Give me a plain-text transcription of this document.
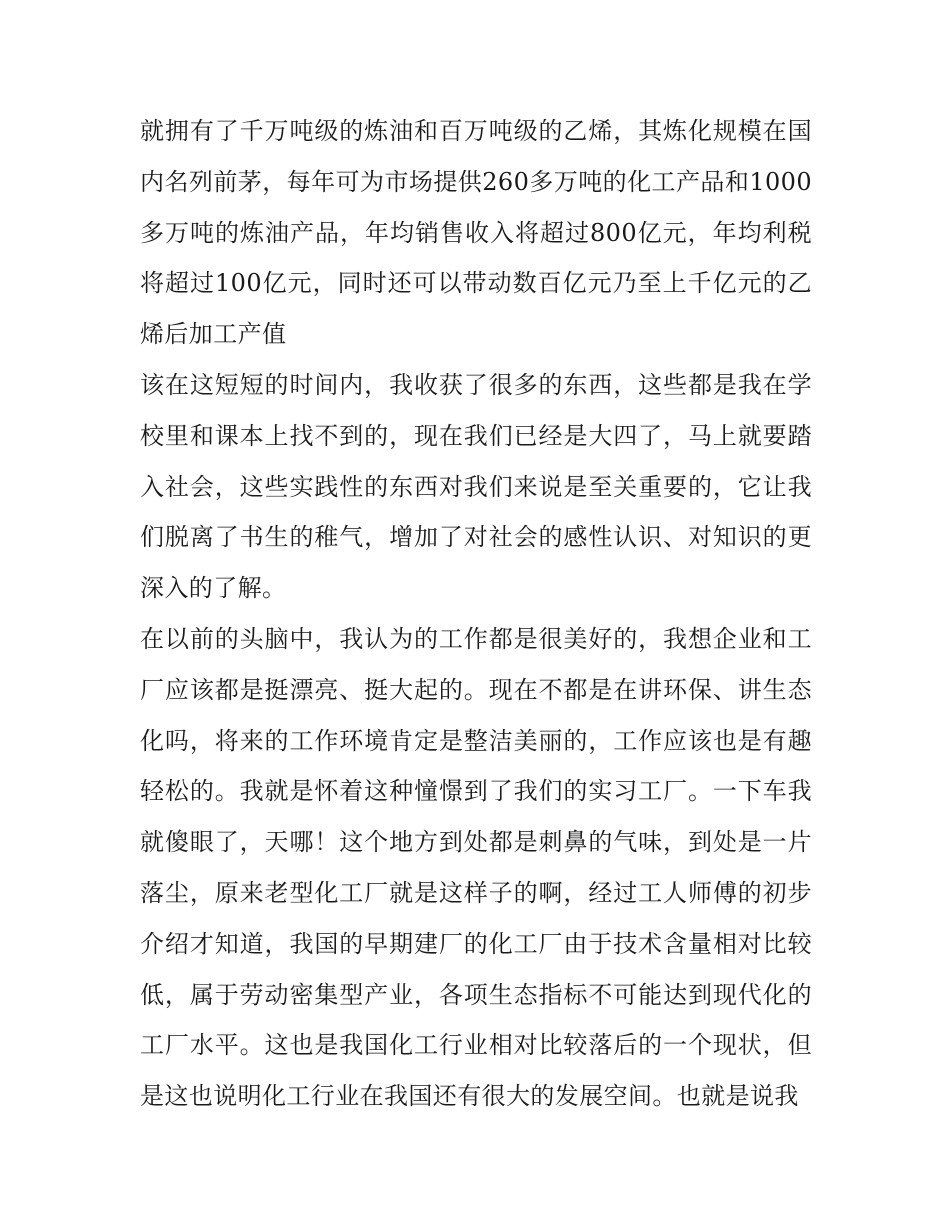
就拥有了千万吨级的炼油和百万吨级的乙烯，其炼化规模在国内名列前茅，每年可为市场提供260多万吨的化工产品和1000多万吨的炼油产品，年均销售收入将超过800亿元，年均利税将超过100亿元，同时还可以带动数百亿元乃至上千亿元的乙烯后加工产值

该在这短短的时间内，我收获了很多的东西，这些都是我在学校里和课本上找不到的，现在我们已经是大四了，马上就要踏入社会，这些实践性的东西对我们来说是至关重要的，它让我们脱离了书生的稚气，增加了对社会的感性认识、对知识的更深入的了解。

在以前的头脑中，我认为的工作都是很美好的，我想企业和工厂应该都是挺漂亮、挺大起的。现在不都是在讲环保、讲生态化吗，将来的工作环境肯定是整洁美丽的，工作应该也是有趣轻松的。我就是怀着这种憧憬到了我们的实习工厂。一下车我就傻眼了，天哪！这个地方到处都是刺鼻的气味，到处是一片落尘，原来老型化工厂就是这样子的啊，经过工人师傅的初步介绍才知道，我国的早期建厂的化工厂由于技术含量相对比较低，属于劳动密集型产业，各项生态指标不可能达到现代化的工厂水平。这也是我国化工行业相对比较落后的一个现状，但是这也说明化工行业在我国还有很大的发展空间。也就是说我
